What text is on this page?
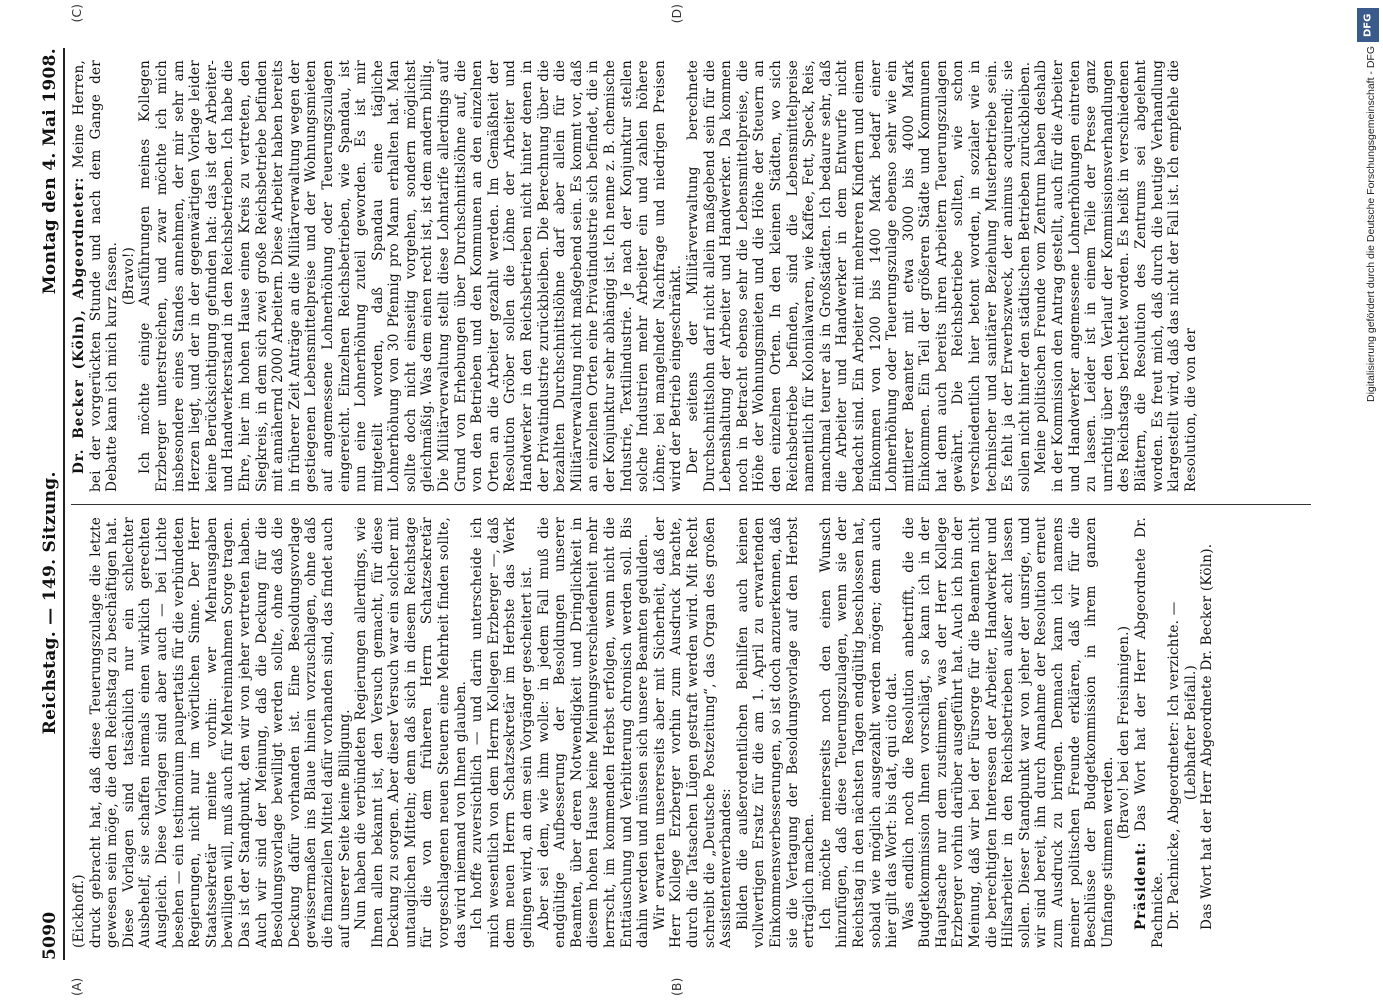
5090
Reichstag. — 149. Sitzung.
Montag den 4. Mai 1908.
(A)	(B)
(C)	(D)

(Eickhoff.) druck gebracht hat, daß diese Teuerungszulage die letzte gewesen sein möge, die den Reichstag zu beschäftigen hat. Diese Vorlagen sind tatsächlich nur ein schlechter Ausbehelf, sie schaffen niemals einen wirklich gerechten Ausgleich. Diese Vorlagen sind aber auch — bei Lichte besehen — ein testimonium paupertatis für die verbündeten Regierungen, nicht nur im wörtlichen Sinne. Der Herr Staatssekretär meinte vorhin: wer Mehrausgaben bewilligen will, muß auch für Mehreinnahmen Sorge tragen. Das ist der Standpunkt, den wir von jeher vertreten haben. Auch wir sind der Meinung, daß die Deckung für die Besoldungsvorlage bewilligt werden sollte, ohne daß die Deckung dafür vorhanden ist. Eine Besoldungsvorlage gewissermaßen ins Blaue hinein vorzuschlagen, ohne daß die finanziellen Mittel dafür vorhanden sind, das findet auch auf unserer Seite keine Billigung. Nun haben die verbündeten Regierungen allerdings, wie Ihnen allen bekannt ist, den Versuch gemacht, für diese Deckung zu sorgen. Aber dieser Versuch war ein solcher mit untauglichen Mitteln; denn daß sich in diesem Reichstage für die von dem früheren Herrn Schatzsekretär vorgeschlagenen neuen Steuern eine Mehrheit finden sollte, das wird niemand von Ihnen glauben. Ich hoffe zuversichtlich — und darin unterscheide ich mich wesentlich von dem Herrn Kollegen Erzberger —, daß dem neuen Herrn Schatzsekretär im Herbste das Werk gelingen wird, an dem sein Vorgänger gescheitert ist. Aber sei dem, wie ihm wolle: in jedem Fall muß die endgültige Aufbesserung der Besoldungen unserer Beamten, über deren Notwendigkeit und Dringlichkeit in diesem hohen Hause keine Meinungsverschiedenheit mehr herrscht, im kommenden Herbst erfolgen, wenn nicht die Enttäuschung und Verbitterung chronisch werden soll. Bis dahin werden und müssen sich unsere Beamten gedulden. Wir erwarten unsererseits aber mit Sicherheit, daß der Herr Kollege Erzberger vorhin zum Ausdruck brachte, durch die Tatsachen Lügen gestraft werden wird. Mit Recht schreibt die „Deutsche Postzeitung“, das Organ des großen Assistentenverbandes: Bilden die außerordentlichen Beihilfen auch keinen vollwertigen Ersatz für die am 1. April zu erwartenden Einkommensverbesserungen, so ist doch anzuerkennen, daß sie die Vertagung der Besoldungsvorlage auf den Herbst erträglich machen. Ich möchte meinerseits noch den einen Wunsch hinzufügen, daß diese Teuerungszulagen, wenn sie der Reichstag in den nächsten Tagen endgültig beschlossen hat, sobald wie möglich ausgezahlt werden mögen; denn auch hier gilt das Wort: bis dat, qui cito dat. Was endlich noch die Resolution anbetrifft, die die Budgetkommission Ihnen vorschlägt, so kann ich in der Hauptsache nur dem zustimmen, was der Herr Kollege Erzberger vorhin darüber ausgeführt hat. Auch ich bin der Meinung, daß wir bei der Fürsorge für die Beamten nicht die berechtigten Interessen der Arbeiter, Handwerker und Hilfsarbeiter in den Reichsbetrieben außer acht lassen sollen. Dieser Standpunkt war von jeher der unsrige, und wir sind bereit, ihn durch Annahme der Resolution erneut zum Ausdruck zu bringen. Demnach kann ich namens meiner politischen Freunde erklären, daß wir für die Beschlüsse der Budgetkommission in ihrem ganzen Umfange stimmen werden.

(Bravo! bei den Freisinnigen.)

Präsident: Das Wort hat der Herr Abgeordnete Dr. Pachnicke. Dr. Pachnicke, Abgeordneter: Ich verzichte. — (Lebhafter Beifall.) Das Wort hat der Herr Abgeordnete Dr. Becker (Köln).

Dr. Becker (Köln), Abgeordneter: Meine Herren, bei der vorgerückten Stunde und nach dem Gange der Debatte kann ich mich kurz fassen. (Bravo!) Ich möchte einige Ausführungen meines Kollegen Erzberger unterstreichen, und zwar möchte ich mich insbesondere eines Standes annehmen, der mir sehr am Herzen liegt, und der in der gegenwärtigen Vorlage leider keine Berücksichtigung gefunden hat: das ist der Arbeiter- und Handwerkerstand in den Reichsbetrieben. Ich habe die Ehre, hier im hohen Hause einen Kreis zu vertreten, den Siegkreis, in dem sich zwei große Reichsbetriebe befinden mit annähernd 2000 Arbeitern. Diese Arbeiter haben bereits in früherer Zeit Anträge an die Militärverwaltung wegen der gestiegenen Lebensmittelpreise und der Wohnungsmieten auf angemessene Lohnerhöhung oder Teuerungszulagen eingereicht. Einzelnen Reichsbetrieben, wie Spandau, ist nun eine Lohnerhöhung zuteil geworden. Es ist mir mitgeteilt worden, daß Spandau eine tägliche Lohnerhöhung von 30 Pfennig pro Mann erhalten hat. Man sollte doch nicht einseitig vorgehen, sondern möglichst gleichmäßig. Was dem einen recht ist, ist dem andern billig. Die Militärverwaltung stellt diese Lohntarife allerdings auf Grund von Erhebungen über Durchschnittslöhne auf, die von den Betrieben und den Kommunen an den einzelnen Orten an die Arbeiter gezahlt werden. Im Gemäßheit der Resolution Gröber sollen die Löhne der Arbeiter und Handwerker in den Reichsbetrieben nicht hinter denen in der Privatindustrie zurückbleiben. Die Berechnung über die bezahlten Durchschnittslöhne darf aber allein für die Militärverwaltung nicht maßgebend sein. Es kommt vor, daß an einzelnen Orten eine Privatindustrie sich befindet, die in der Konjunktur sehr abhängig ist. Ich nenne z. B. chemische Industrie, Textilindustrie. Je nach der Konjunktur stellen solche Industrien mehr Arbeiter ein und zahlen höhere Löhne; bei mangelnder Nachfrage und niedrigen Preisen wird der Betrieb eingeschränkt. Der seitens der Militärverwaltung berechnete Durchschnittslohn darf nicht allein maßgebend sein für die Lebenshaltung der Arbeiter und Handwerker. Da kommen noch in Betracht ebenso sehr die Lebensmittelpreise, die Höhe der Wohnungsmieten und die Höhe der Steuern an den einzelnen Orten. In den kleinen Städten, wo sich Reichsbetriebe befinden, sind die Lebensmittelpreise namentlich für Kolonialwaren, wie Kaffee, Fett, Speck, Reis, manchmal teurer als in Großstädten. Ich bedaure sehr, daß die Arbeiter und Handwerker in dem Entwurfe nicht bedacht sind. Ein Arbeiter mit mehreren Kindern und einem Einkommen von 1200 bis 1400 Mark bedarf einer Lohnerhöhung oder Teuerungszulage ebenso sehr wie ein mittlerer Beamter mit etwa 3000 bis 4000 Mark Einkommen. Ein Teil der größeren Städte und Kommunen hat denn auch bereits ihren Arbeitern Teuerungszulagen gewährt. Die Reichsbetriebe sollten, wie schon verschiedentlich hier betont worden, in sozialer wie in technischer und sanitärer Beziehung Musterbetriebe sein. Es fehlt ja der Erwerbszweck, der animus acquirendi; sie sollen nicht hinter den städtischen Betrieben zurückbleiben. Meine politischen Freunde vom Zentrum haben deshalb in der Kommission den Antrag gestellt, auch für die Arbeiter und Handwerker angemessene Lohnerhöhungen eintreten zu lassen. Leider ist in einem Teile der Presse ganz unrichtig über den Verlauf der Kommissionsverhandlungen des Reichstags berichtet worden. Es heißt in verschiedenen Blättern, die Resolution des Zentrums sei abgelehnt worden. Es freut mich, daß durch die heutige Verhandlung klargestellt wird, daß das nicht der Fall ist. Ich empfehle die Resolution, die von der

DFG
Digitalisierung gefördert durch die Deutsche Forschungsgemeinschaft - DFG
